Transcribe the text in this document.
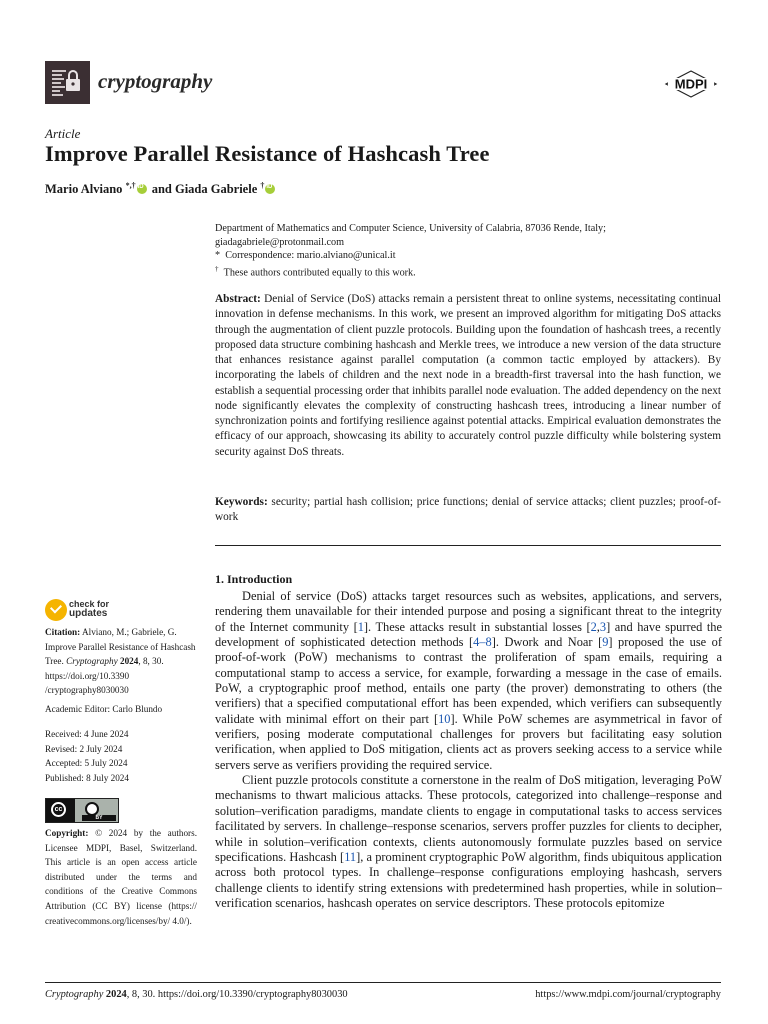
cryptography	MDPI
Article
Improve Parallel Resistance of Hashcash Tree
Mario Alviano *,†iD and Giada Gabriele †iD
Department of Mathematics and Computer Science, University of Calabria, 87036 Rende, Italy;
giadagabriele@protonmail.com
* Correspondence: mario.alviano@unical.it
† These authors contributed equally to this work.
Abstract: Denial of Service (DoS) attacks remain a persistent threat to online systems, necessitating continual innovation in defense mechanisms. In this work, we present an improved algorithm for mitigating DoS attacks through the augmentation of client puzzle protocols. Building upon the foundation of hashcash trees, a recently proposed data structure combining hashcash and Merkle trees, we introduce a new version of the data structure that enhances resistance against parallel computation (a common tactic employed by attackers). By incorporating the labels of children and the next node in a breadth-first traversal into the hash function, we establish a sequential processing order that inhibits parallel node evaluation. The added dependency on the next node significantly elevates the complexity of constructing hashcash trees, introducing a linear number of synchronization points and fortifying resilience against potential attacks. Empirical evaluation demonstrates the efficacy of our approach, showcasing its ability to accurately control puzzle difficulty while bolstering system security against DoS threats.
Keywords: security; partial hash collision; price functions; denial of service attacks; client puzzles; proof-of-work
1. Introduction

Denial of service (DoS) attacks target resources such as websites, applications, and servers, rendering them unavailable for their intended purpose and posing a significant threat to the integrity of the Internet community [1]. These attacks result in substantial losses [2,3] and have spurred the development of sophisticated detection methods [4–8]. Dwork and Noar [9] proposed the use of proof-of-work (PoW) mechanisms to contrast the proliferation of spam emails, requiring a computational stamp to access a service, for example, forwarding a message in the case of emails. PoW, a cryptographic proof method, entails one party (the prover) demonstrating to others (the verifiers) that a specified computational effort has been expended, which verifiers can subsequently validate with minimal effort on their part [10]. While PoW schemes are asymmetrical in favor of verifiers, posing moderate computational challenges for provers but facilitating easy solution verification, when applied to DoS mitigation, clients act as provers seeking access to a service while servers serve as verifiers providing the required service.

Client puzzle protocols constitute a cornerstone in the realm of DoS mitigation, leveraging PoW mechanisms to thwart malicious attacks. These protocols, categorized into challenge–response and solution–verification paradigms, mandate clients to engage in computational tasks to access services facilitated by servers. In challenge–response scenarios, servers proffer puzzles for clients to decipher, while in solution–verification contexts, clients autonomously formulate puzzles based on service specifications. Hashcash [11], a prominent cryptographic PoW algorithm, finds ubiquitous application across both protocol types. In challenge–response configurations employing hashcash, servers challenge clients to identify string extensions with predetermined hash properties, while in solution–verification scenarios, hashcash operates on service descriptors. These protocols epitomize

check for
updates
Citation: Alviano, M.; Gabriele, G. Improve Parallel Resistance of Hashcash Tree. Cryptography 2024, 8, 30. https://doi.org/10.3390 /cryptography8030030
Academic Editor: Carlo Blundo
Received: 4 June 2024
Revised: 2 July 2024
Accepted: 5 July 2024
Published: 8 July 2024
cc
BY
Copyright: © 2024 by the authors. Licensee MDPI, Basel, Switzerland. This article is an open access article distributed under the terms and conditions of the Creative Commons Attribution (CC BY) license (https:// creativecommons.org/licenses/by/ 4.0/).
Cryptography 2024, 8, 30. https://doi.org/10.3390/cryptography8030030	https://www.mdpi.com/journal/cryptography
